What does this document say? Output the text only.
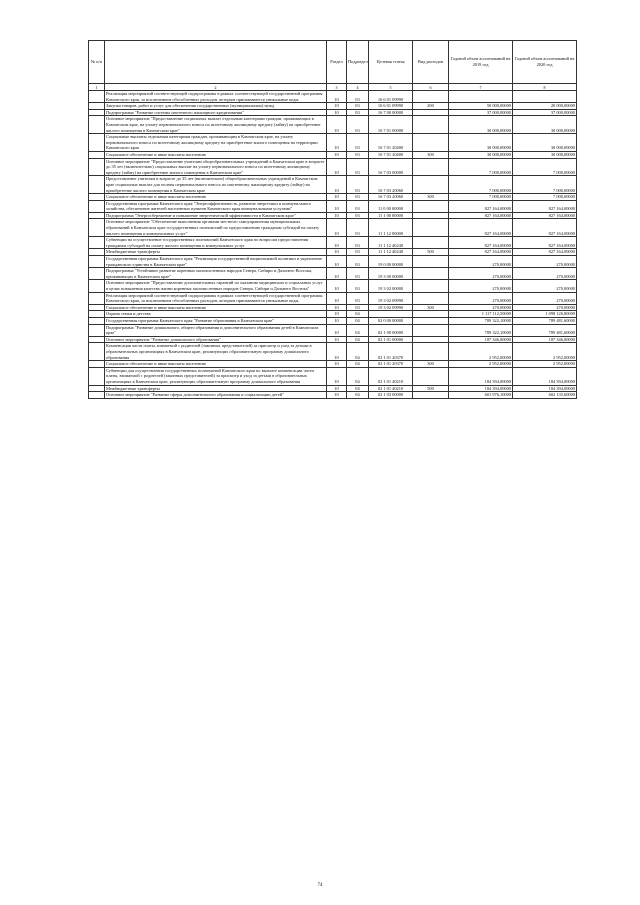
№ п/п		Раздел	Подраздел	Целевая статья	Вид расходов	Годовой объем ассигнований на 2019 год	Годовой объем ассигнований на 2020 год
1	2	3	4	5	6	7	8
	Реализация мероприятий соответствующей подпрограммы в рамках соответствующей государственной программы Камчатского края, за исключением обособленных расходов, которым присваиваются уникальные коды	10	03	16 6 01 09990			
	Закупка товаров, работ и услуг для обеспечения государственных (муниципальных) нужд	10	03	16 6 01 09990	200	50 000,00000	20 000,00000
	Подпрограмма "Развитие системы ипотечного жилищного кредитования"	10	03	16 7 00 00000		37 000,00000	37 000,00000
	Основное мероприятие "Предоставление социальных выплат отдельным категориям граждан, проживающих в Камчатском крае, на уплату первоначального взноса по ипотечному жилищному кредиту (займу) на приобретение жилого помещения в Камчатском крае"	10	03	16 7 01 00000		30 000,00000	30 000,00000
	Социальные выплаты отдельным категориям граждан, проживающим в Камчатском крае, на уплату первоначального взноса по ипотечному жилищному кредиту на приобретение жилого помещения на территории Камчатского края	10	03	16 7 01 20400		30 000,00000	30 000,00000
	Социальное обеспечение и иные выплаты населению	10	03	16 7 01 20400	300	30 000,00000	30 000,00000
	Основное мероприятие "Предоставление учителям общеобразовательных учреждений в Камчатском крае в возрасте до 35 лет (включительно) социальных выплат на уплату первоначального взноса по ипотечному жилищному кредиту (займу) на приобретение жилого помещения в Камчатском крае"	10	03	16 7 03 00000		7 000,00000	7 000,00000
	Предоставление учителям в возрасте до 35 лет (включительно) общеобразовательных учреждений в Камчатском крае социальных выплат для оплаты первоначального взноса по ипотечному жилищному кредиту (займу) на приобретение жилого помещения в Камчатском крае	10	03	16 7 03 20060		7 000,00000	7 000,00000
	Социальное обеспечение и иные выплаты населению	10	03	16 7 03 20060	300	7 000,00000	7 000,00000
	Государственная программа Камчатского края "Энергоэффективность, развитие энергетики и коммунального хозяйства, обеспечение жителей населенных пунктов Камчатского края коммунальными услугами"	10	03	11 0 00 00000		827 164,00000	827 164,00000
	Подпрограмма "Энергосбережение и повышение энергетической эффективности в Камчатском крае"	10	03	11 1 00 00000		827 164,00000	827 164,00000
	Основное мероприятие "Обеспечение выполнения органами местного самоуправления муниципальных образований в Камчатском крае государственных полномочий по предоставлению гражданам субсидий на оплату жилого помещения и коммунальных услуг"	10	03	11 1 12 00000		827 164,00000	827 164,00000
	Субвенции на осуществление государственных полномочий Камчатского края по вопросам предоставления гражданам субсидий на оплату жилого помещения и коммунальных услуг	10	03	11 1 12 40240		827 164,00000	827 164,00000
	Межбюджетные трансферты	10	03	11 1 12 40240	500	827 164,00000	827 164,00000
	Государственная программа Камчатского края "Реализация государственной национальной политики и укрепление гражданского единства в Камчатском крае"	10	03	19 0 00 00000		270,00000	270,00000
	Подпрограмма "Устойчивое развитие коренных малочисленных народов Севера, Сибири и Дальнего Востока, проживающих в Камчатском крае"	10	03	19 3 00 00000		270,00000	270,00000
	Основное мероприятие "Предоставление дополнительных гарантий по оказанию медицинских и социальных услуг в целях повышения качества жизни коренных малочисленных народов Севера, Сибири и Дальнего Востока"	10	03	19 3 02 00000		270,00000	270,00000
	Реализация мероприятий соответствующей подпрограммы в рамках соответствующей государственной программы Камчатского края, за исключением обособленных расходов, которым присваиваются уникальные коды	10	03	19 3 02 09990		270,00000	270,00000
	Социальное обеспечение и иные выплаты населению	10	03	19 3 02 09990	300	270,00000	270,00000
	Охрана семьи и детства	10	04			1 117 112,50000	1 098 126,80000
	Государственная программа Камчатского края "Развитие образования в Камчатском крае"	10	04	02 0 00 00000		789 322,10000	789 481,60000
	Подпрограмма "Развитие дошкольного, общего образования и дополнительного образования детей в Камчатском крае"	10	04	02 1 00 00000		789 322,10000	789 481,60000
	Основное мероприятие "Развитие дошкольного образования"	10	04	02 1 01 00000		187 346,00000	187 346,00000
	Компенсация части платы, взимаемой с родителей (законных представителей) за присмотр и уход за детьми в образовательных организациях в Камчатском крае, реализующих образовательную программу дошкольного образования	10	04	02 1 01 20370		2 952,00000	2 952,00000
	Социальное обеспечение и иные выплаты населению	10	04	02 1 01 20370	300	2 952,00000	2 952,00000
	Субвенции для осуществления государственных полномочий Камчатского края по выплате компенсации части платы, взимаемой с родителей (законных представителей) за присмотр и уход за детьми в образовательных организациях в Камчатском крае, реализующих образовательную программу дошкольного образования	10	04	02 1 01 40210		184 394,00000	184 394,00000
	Межбюджетные трансферты	10	04	02 1 01 40210	500	184 394,00000	184 394,00000
	Основное мероприятие "Развитие сферы дополнительного образования и социализации детей"	10	04	02 1 03 00000		601 976,10000	602 135,60000
74
